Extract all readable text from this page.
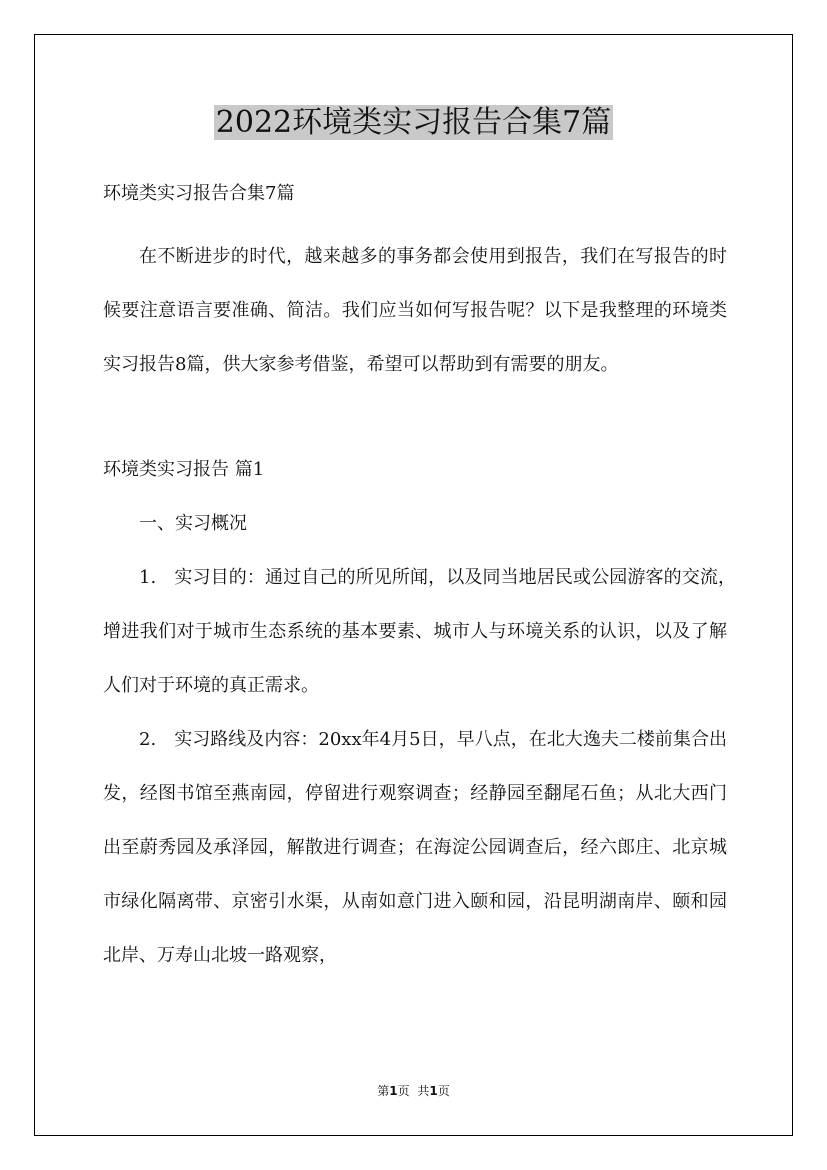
2022环境类实习报告合集7篇

环境类实习报告合集7篇

在不断进步的时代，越来越多的事务都会使用到报告，我们在写报告的时候要注意语言要准确、简洁。我们应当如何写报告呢？以下是我整理的环境类实习报告8篇，供大家参考借鉴，希望可以帮助到有需要的朋友。

环境类实习报告 篇1

一、实习概况

1.　实习目的：通过自己的所见所闻，以及同当地居民或公园游客的交流，　增进我们对于城市生态系统的基本要素、城市人与环境关系的认识，以及了解人们对于环境的真正需求。

2.　实习路线及内容：20xx年4月5日，早八点，在北大逸夫二楼前集合出发，经图书馆至燕南园，停留进行观察调查；经静园至翻尾石鱼；从北大西门出至蔚秀园及承泽园，解散进行调查；在海淀公园调查后，经六郎庄、北京城市绿化隔离带、京密引水渠，从南如意门进入颐和园，沿昆明湖南岸、颐和园北岸、万寿山北坡一路观察，

第1页 共1页
